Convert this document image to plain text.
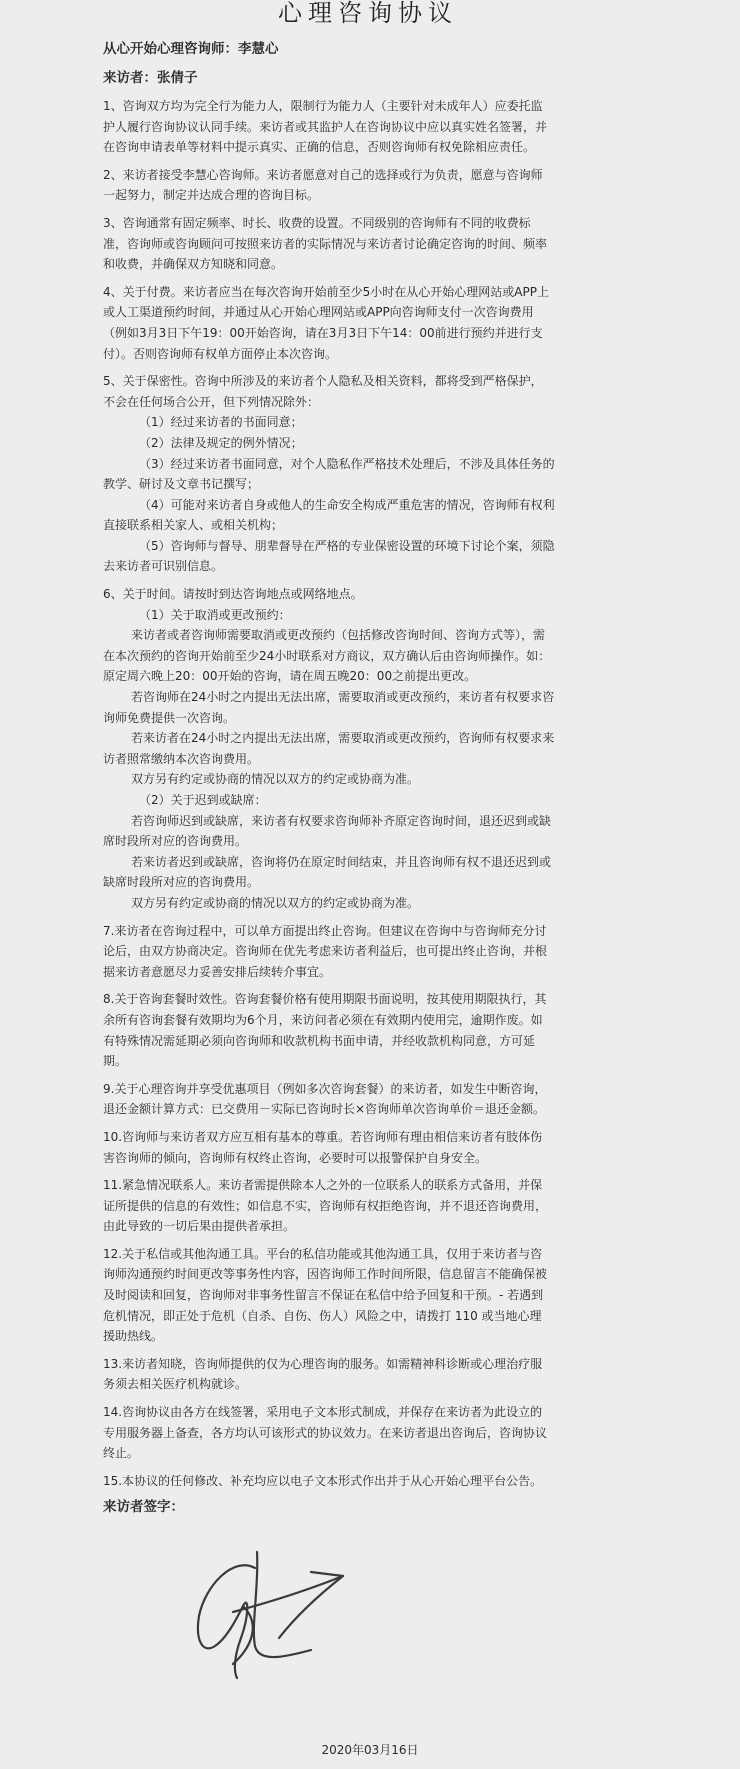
心理咨询协议
从心开始心理咨询师：李慧心
来访者：张倩子
1、咨询双方均为完全行为能力人，限制行为能力人（主要针对未成年人）应委托监
护人履行咨询协议认同手续。来访者或其监护人在咨询协议中应以真实姓名签署，并
在咨询申请表单等材料中提示真实、正确的信息，否则咨询师有权免除相应责任。
2、来访者接受李慧心咨询师。来访者愿意对自己的选择或行为负责，愿意与咨询师
一起努力，制定并达成合理的咨询目标。
3、咨询通常有固定频率、时长、收费的设置。不同级别的咨询师有不同的收费标
准，咨询师或咨询顾问可按照来访者的实际情况与来访者讨论确定咨询的时间、频率
和收费，并确保双方知晓和同意。
4、关于付费。来访者应当在每次咨询开始前至少5小时在从心开始心理网站或APP上
或人工渠道预约时间，并通过从心开始心理网站或APP向咨询师支付一次咨询费用
（例如3月3日下午19：00开始咨询，请在3月3日下午14：00前进行预约并进行支
付）。否则咨询师有权单方面停止本次咨询。
5、关于保密性。咨询中所涉及的来访者个人隐私及相关资料，都将受到严格保护，
不会在任何场合公开，但下列情况除外：
（1）经过来访者的书面同意；
（2）法律及规定的例外情况；
（3）经过来访者书面同意，对个人隐私作严格技术处理后，不涉及具体任务的
教学、研讨及文章书记撰写；
（4）可能对来访者自身或他人的生命安全构成严重危害的情况，咨询师有权利
直接联系相关家人、或相关机构；
（5）咨询师与督导、朋辈督导在严格的专业保密设置的环境下讨论个案，须隐
去来访者可识别信息。
6、关于时间。请按时到达咨询地点或网络地点。
（1）关于取消或更改预约：
来访者或者咨询师需要取消或更改预约（包括修改咨询时间、咨询方式等），需
在本次预约的咨询开始前至少24小时联系对方商议，双方确认后由咨询师操作。如：
原定周六晚上20：00开始的咨询，请在周五晚20：00之前提出更改。
若咨询师在24小时之内提出无法出席，需要取消或更改预约，来访者有权要求咨
询师免费提供一次咨询。
若来访者在24小时之内提出无法出席，需要取消或更改预约，咨询师有权要求来
访者照常缴纳本次咨询费用。
双方另有约定或协商的情况以双方的约定或协商为准。
（2）关于迟到或缺席：
若咨询师迟到或缺席，来访者有权要求咨询师补齐原定咨询时间，退还迟到或缺
席时段所对应的咨询费用。
若来访者迟到或缺席，咨询将仍在原定时间结束，并且咨询师有权不退还迟到或
缺席时段所对应的咨询费用。
双方另有约定或协商的情况以双方的约定或协商为准。
7.来访者在咨询过程中，可以单方面提出终止咨询。但建议在咨询中与咨询师充分讨
论后，由双方协商决定。咨询师在优先考虑来访者利益后，也可提出终止咨询，并根
据来访者意愿尽力妥善安排后续转介事宜。
8.关于咨询套餐时效性。咨询套餐价格有使用期限书面说明，按其使用期限执行，其
余所有咨询套餐有效期均为6个月，来访问者必须在有效期内使用完，逾期作废。如
有特殊情况需延期必须向咨询师和收款机构书面申请，并经收款机构同意，方可延
期。
9.关于心理咨询并享受优惠项目（例如多次咨询套餐）的来访者，如发生中断咨询，
退还金额计算方式：已交费用－实际已咨询时长×咨询师单次咨询单价＝退还金额。
10.咨询师与来访者双方应互相有基本的尊重。若咨询师有理由相信来访者有肢体伤
害咨询师的倾向，咨询师有权终止咨询，必要时可以报警保护自身安全。
11.紧急情况联系人。来访者需提供除本人之外的一位联系人的联系方式备用，并保
证所提供的信息的有效性；如信息不实，咨询师有权拒绝咨询，并不退还咨询费用，
由此导致的一切后果由提供者承担。
12.关于私信或其他沟通工具。平台的私信功能或其他沟通工具，仅用于来访者与咨
询师沟通预约时间更改等事务性内容，因咨询师工作时间所限，信息留言不能确保被
及时阅读和回复，咨询师对非事务性留言不保证在私信中给予回复和干预。- 若遇到
危机情况，即正处于危机（自杀、自伤、伤人）风险之中，请拨打 110 或当地心理
援助热线。
13.来访者知晓，咨询师提供的仅为心理咨询的服务。如需精神科诊断或心理治疗服
务须去相关医疗机构就诊。
14.咨询协议由各方在线签署，采用电子文本形式制成，并保存在来访者为此设立的
专用服务器上备查，各方均认可该形式的协议效力。在来访者退出咨询后，咨询协议
终止。
15.本协议的任何修改、补充均应以电子文本形式作出并于从心开始心理平台公告。
来访者签字：
2020年03月16日
